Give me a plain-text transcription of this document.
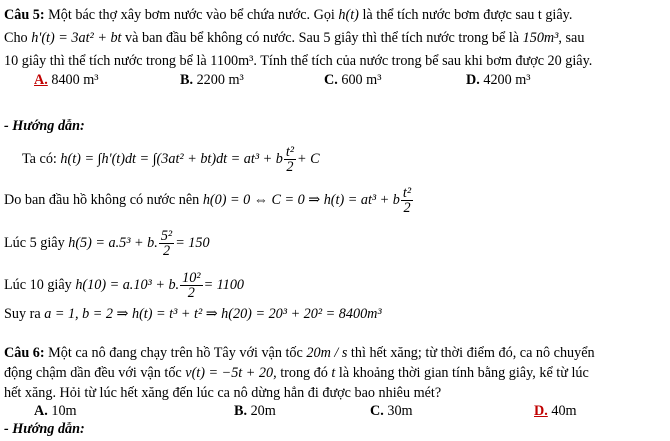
Câu 5: Một bác thợ xây bơm nước vào bể chứa nước. Gọi h(t) là thể tích nước bơm được sau t giây.
Cho h'(t) = 3at² + bt và ban đầu bể không có nước. Sau 5 giây thì thể tích nước trong bể là 150m³, sau
10 giây thì thể tích nước trong bể là 1100m³. Tính thể tích của nước trong bể sau khi bơm được 20 giây.
A. 8400 m³	B. 2200 m³	C. 600 m³	D. 4200 m³
- Hướng dẫn:
Ta có: h(t) = ∫h'(t)dt = ∫(3at² + bt)dt = at³ + b $\frac{\text{t²}}{2} + C$
Do ban đầu hồ không có nước nên h(0) = 0 ⇔ C = 0 ⇒ h(t) = at³ + b $\frac{\text{t²}}{2}$
Lúc 5 giây h(5) = a.5³ + b. $\frac{\text{5²}}{2} = 150$
Lúc 10 giây h(10) = a.10³ + b. $\frac{\text{10²}}{2} = 1100$
Suy ra a = 1, b = 2 ⇒ h(t) = t³ + t² ⇒ h(20) = 20³ + 20² = 8400m³
Câu 6: Một ca nô đang chạy trên hồ Tây với vận tốc 20m / s thì hết xăng; từ thời điểm đó, ca nô chuyển
động chậm dần đều với vận tốc v(t) = −5t + 20, trong đó t là khoảng thời gian tính bằng giây, kể từ lúc
hết xăng. Hỏi từ lúc hết xăng đến lúc ca nô dừng hẳn đi được bao nhiêu mét?
A. 10m	B. 20m	C. 30m	D. 40m
- Hướng dẫn:
